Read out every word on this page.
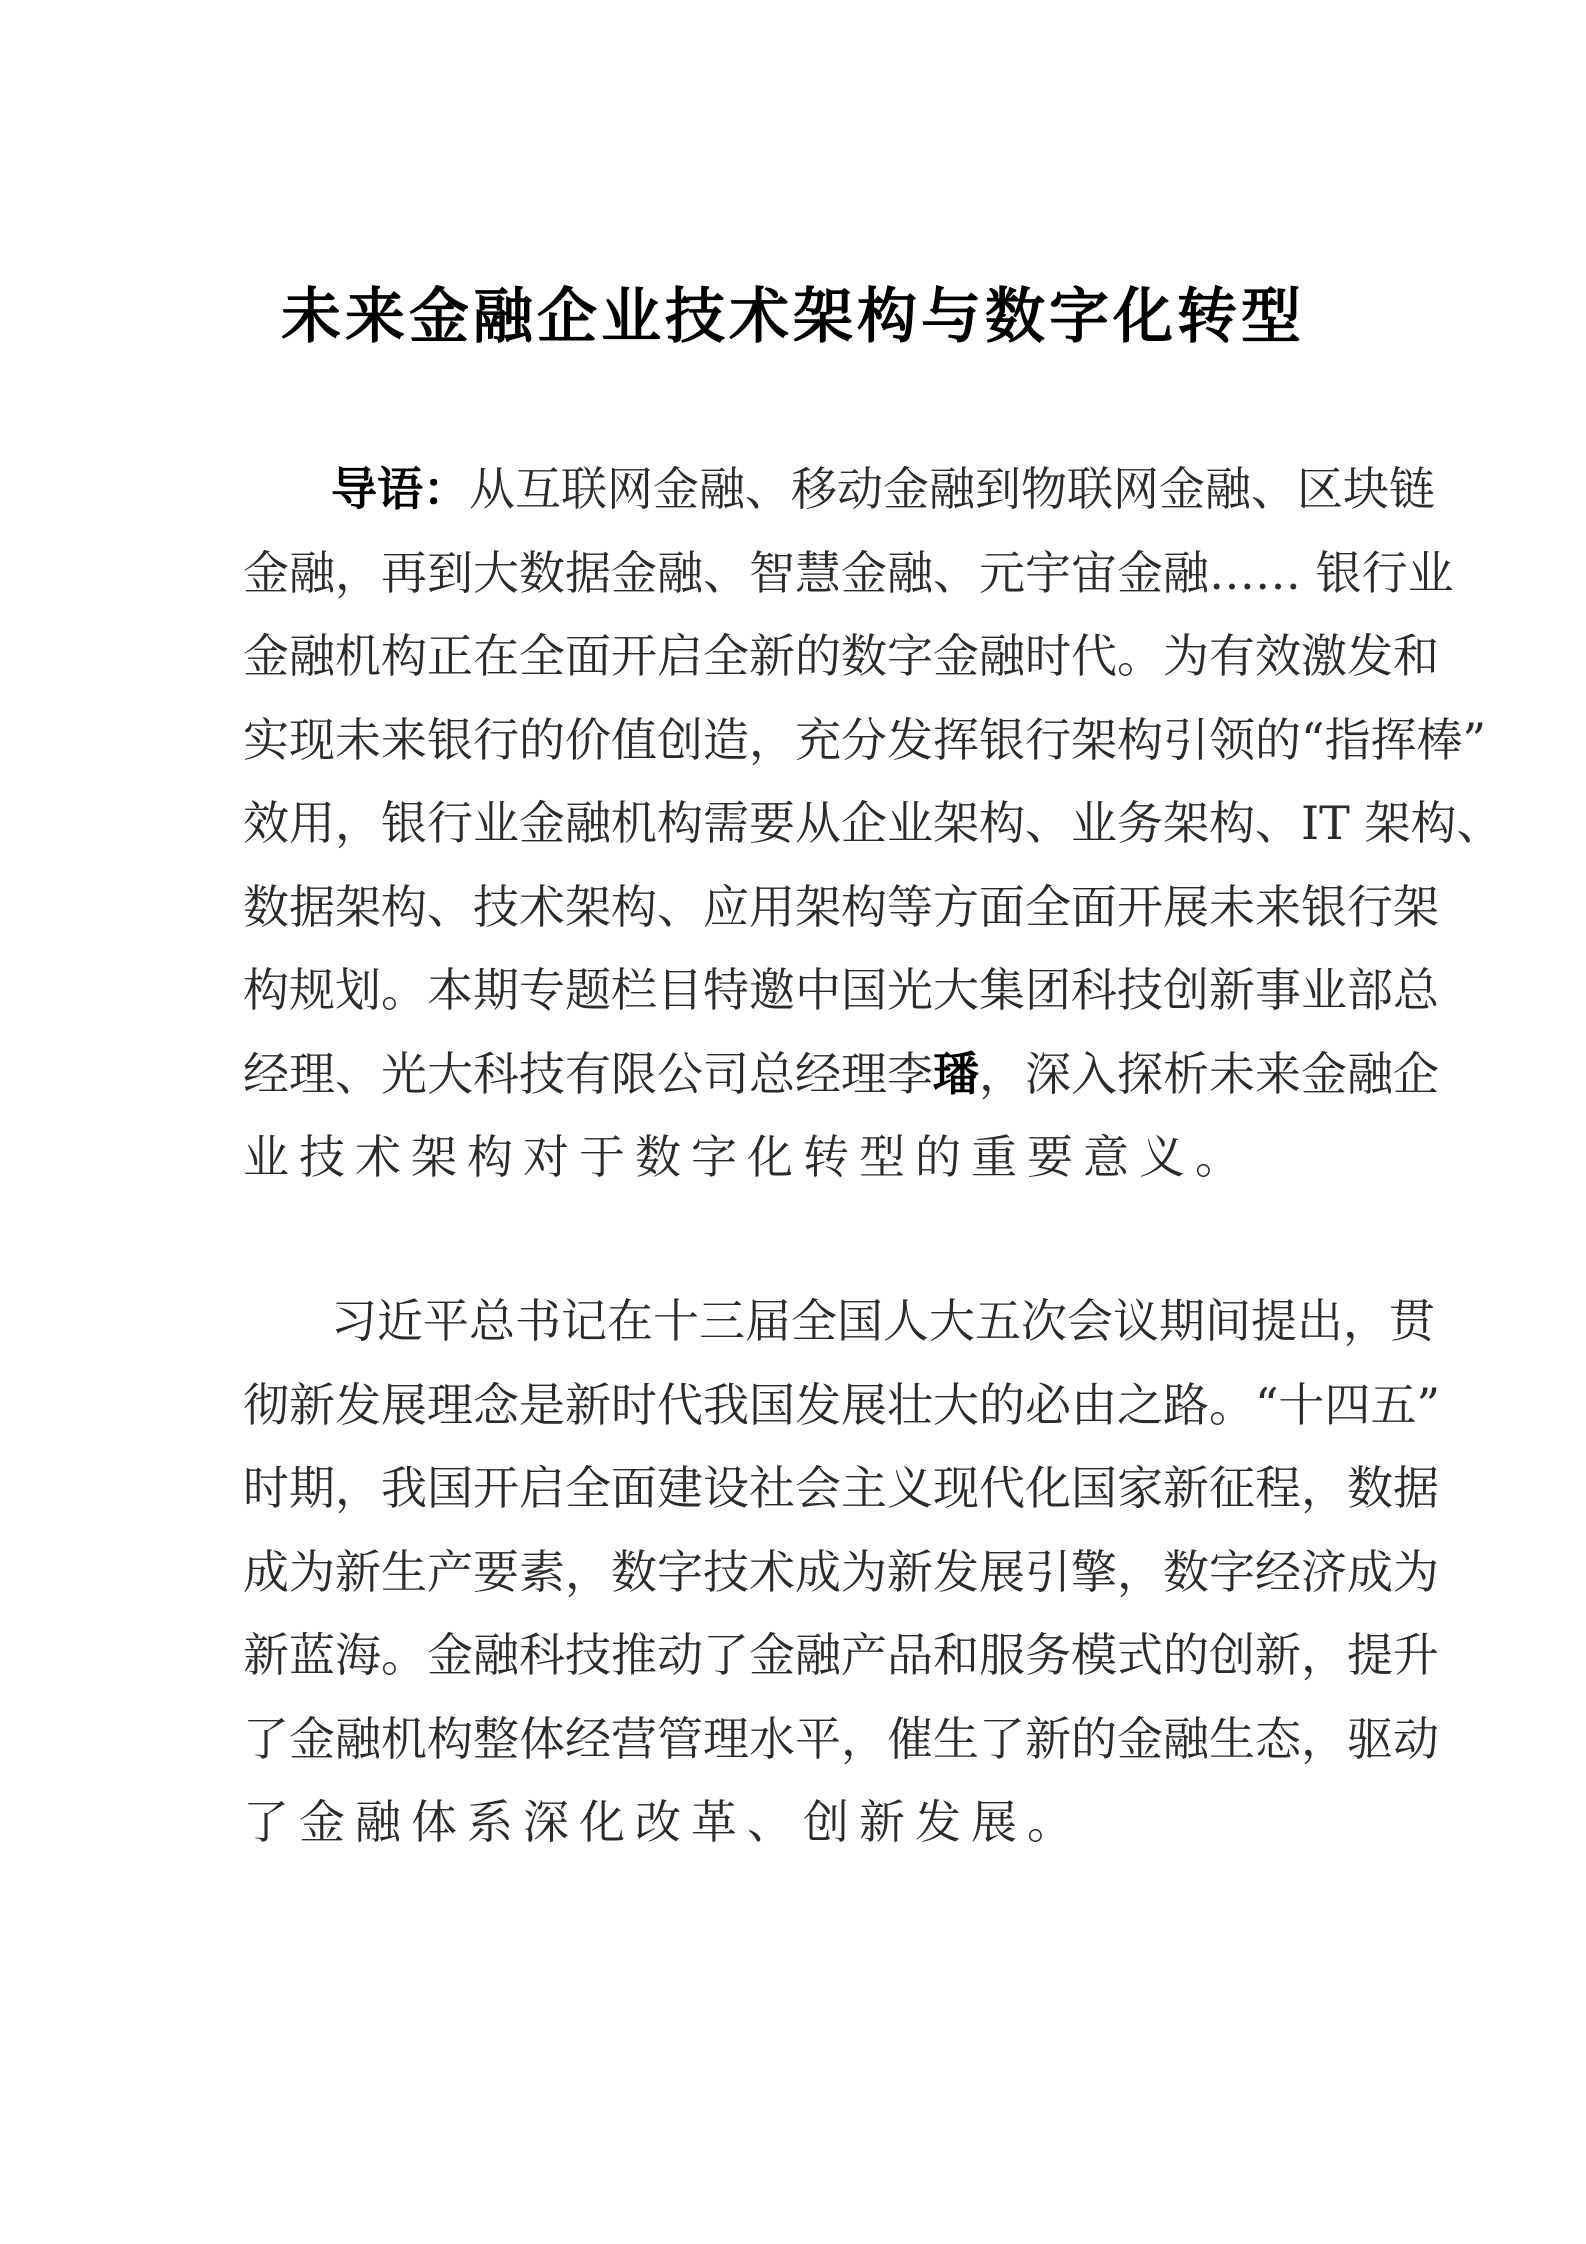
未来金融企业技术架构与数字化转型
导语：从互联网金融、移动金融到物联网金融、区块链
金融，再到大数据金融、智慧金融、元宇宙金融…… 银行业
金融机构正在全面开启全新的数字金融时代。为有效激发和
实现未来银行的价值创造，充分发挥银行架构引领的“指挥棒”
效用，银行业金融机构需要从企业架构、业务架构、IT 架构、
数据架构、技术架构、应用架构等方面全面开展未来银行架
构规划。本期专题栏目特邀中国光大集团科技创新事业部总
经理、光大科技有限公司总经理李璠，深入探析未来金融企
业技术架构对于数字化转型的重要意义。
习近平总书记在十三届全国人大五次会议期间提出，贯
彻新发展理念是新时代我国发展壮大的必由之路。“十四五”
时期，我国开启全面建设社会主义现代化国家新征程，数据
成为新生产要素，数字技术成为新发展引擎，数字经济成为
新蓝海。金融科技推动了金融产品和服务模式的创新，提升
了金融机构整体经营管理水平，催生了新的金融生态，驱动
了金融体系深化改革、创新发展。
